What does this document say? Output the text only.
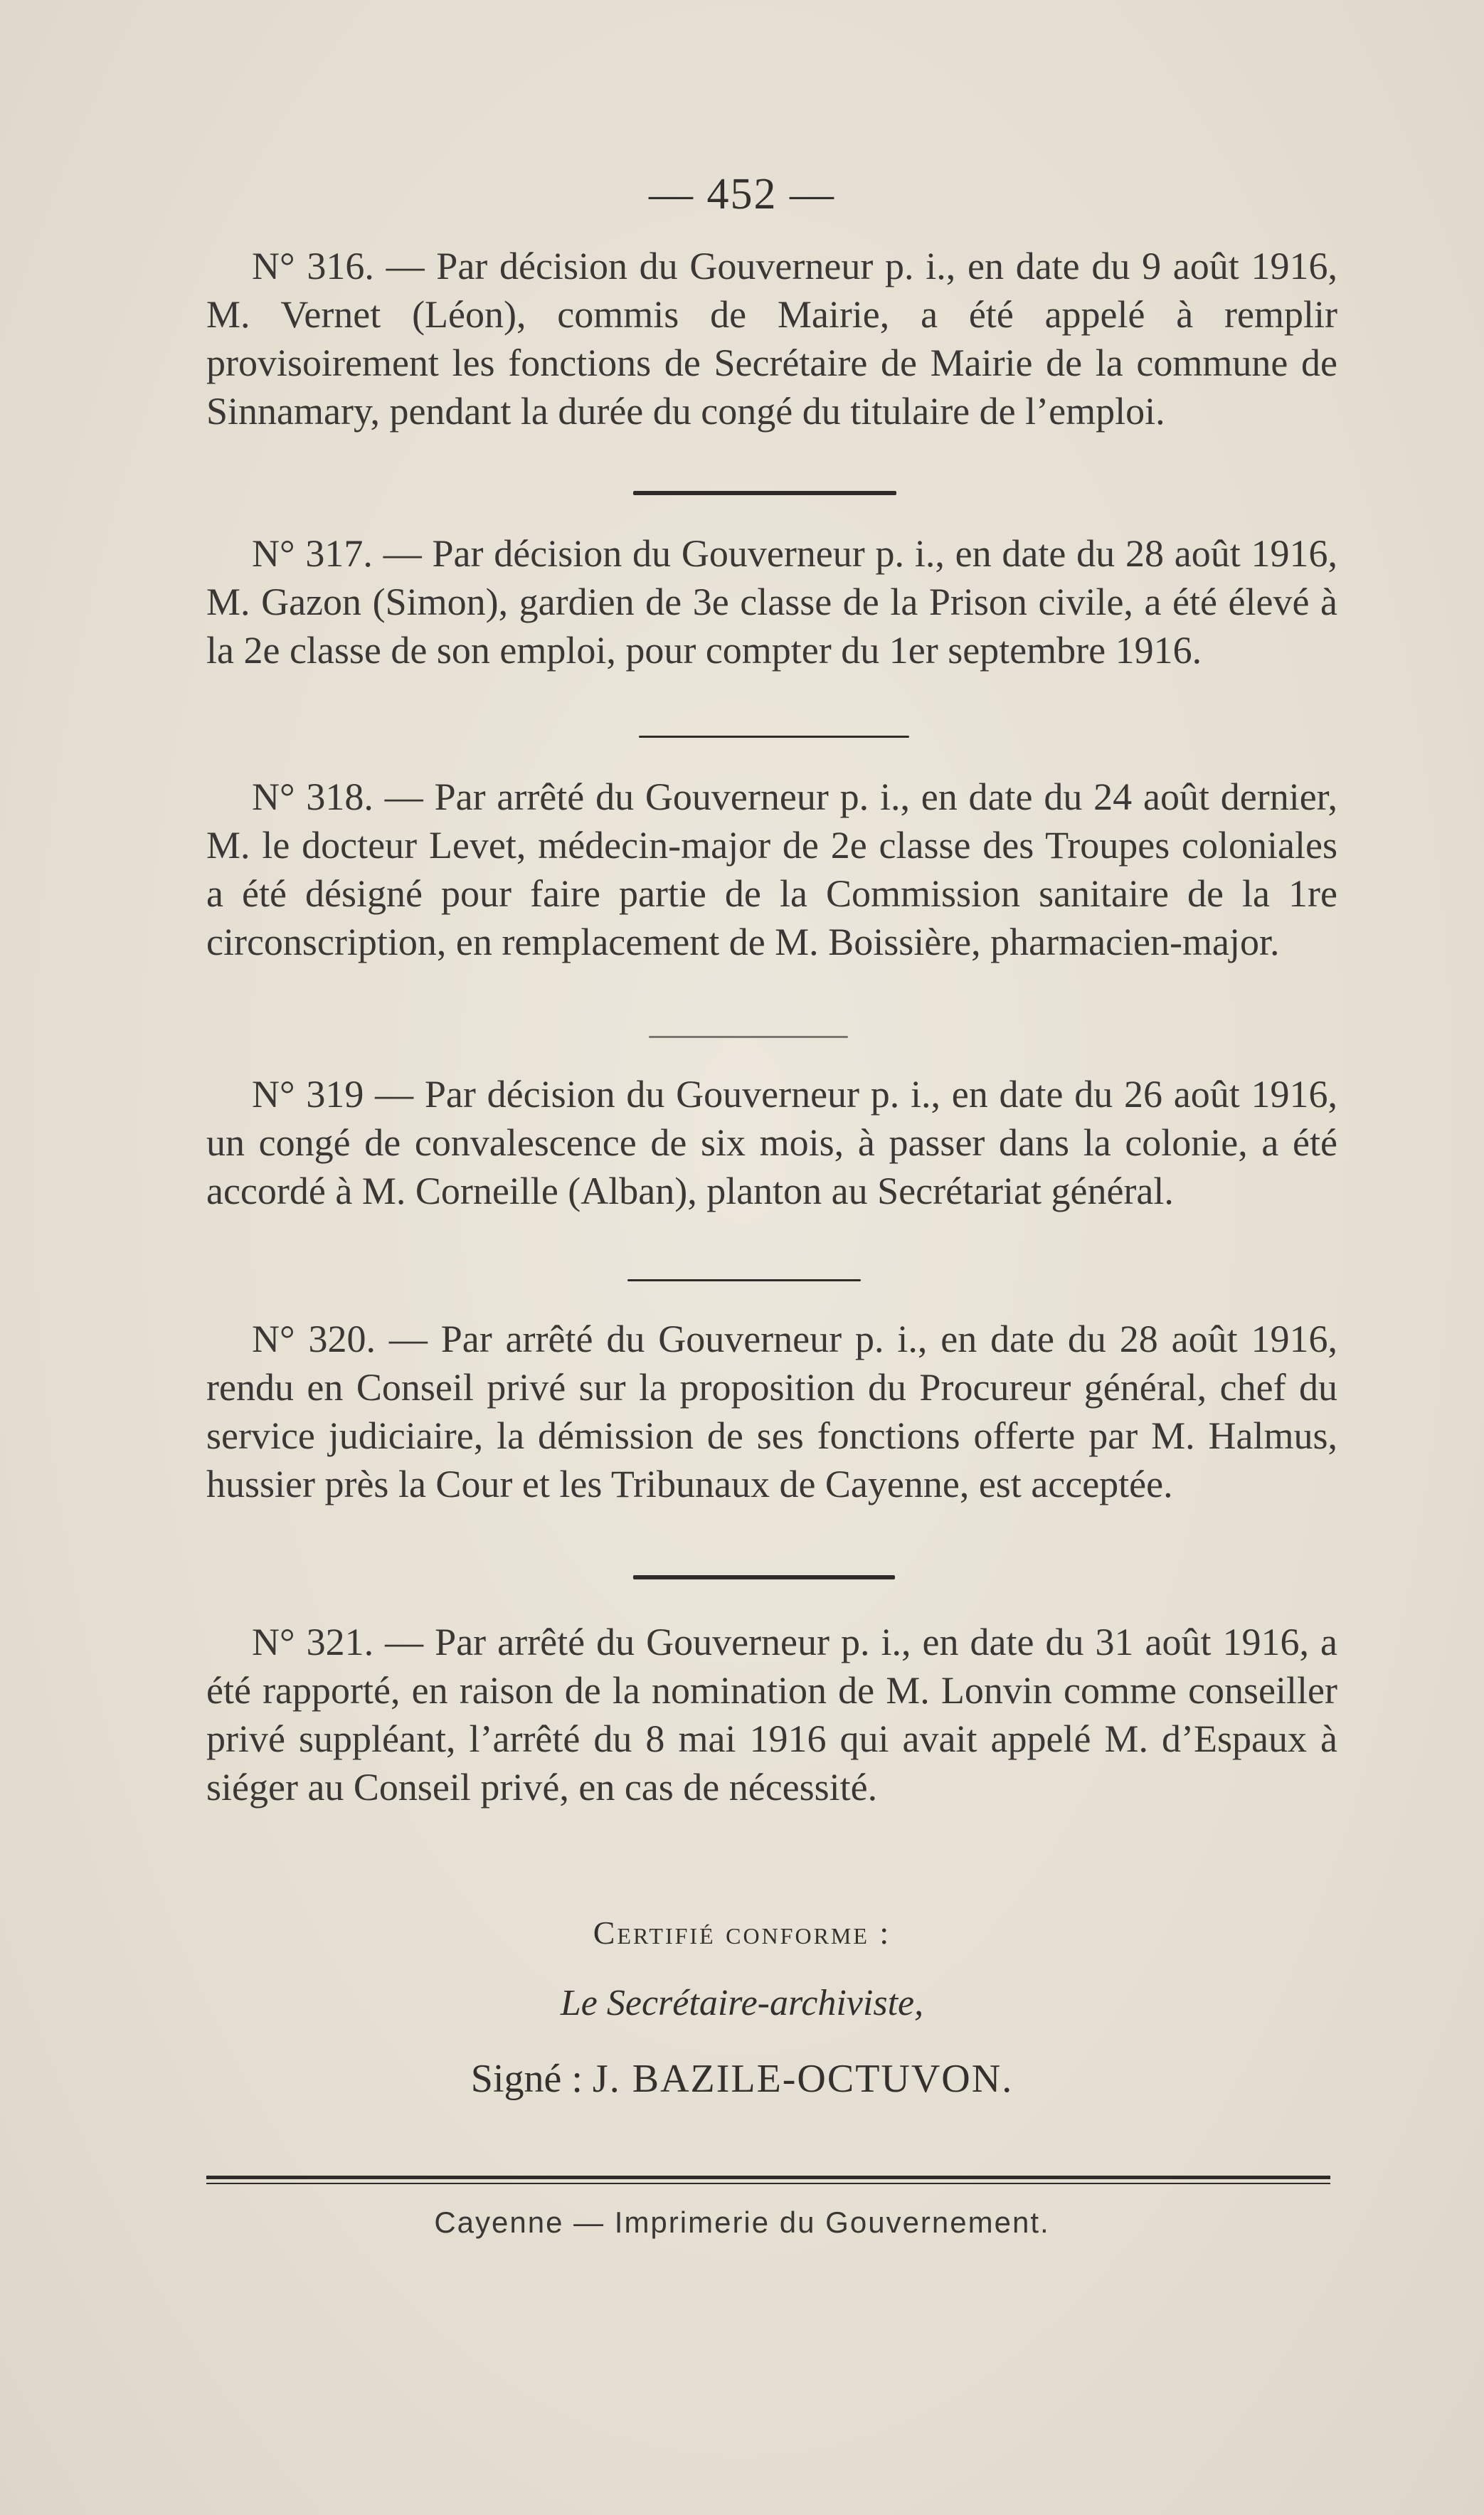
— 452 —

N° 316. — Par décision du Gouverneur p. i., en date du 9 août 1916, M. Vernet (Léon), commis de Mairie, a été appelé à remplir provisoirement les fonctions de Secrétaire de Mairie de la commune de Sinnamary, pendant la durée du congé du titulaire de l’emploi.

N° 317. — Par décision du Gouverneur p. i., en date du 28 août 1916, M. Gazon (Simon), gardien de 3e classe de la Prison civile, a été élevé à la 2e classe de son emploi, pour compter du 1er septembre 1916.

N° 318. — Par arrêté du Gouverneur p. i., en date du 24 août dernier, M. le docteur Levet, médecin-major de 2e classe des Troupes coloniales a été désigné pour faire partie de la Commission sanitaire de la 1re circonscription, en remplacement de M. Boissière, pharmacien-major.

N° 319 — Par décision du Gouverneur p. i., en date du 26 août 1916, un congé de convalescence de six mois, à passer dans la colonie, a été accordé à M. Corneille (Alban), planton au Secrétariat général.

N° 320. — Par arrêté du Gouverneur p. i., en date du 28 août 1916, rendu en Conseil privé sur la proposition du Procureur général, chef du service judiciaire, la démission de ses fonctions offerte par M. Halmus, hussier près la Cour et les Tribunaux de Cayenne, est acceptée.

N° 321. — Par arrêté du Gouverneur p. i., en date du 31 août 1916, a été rapporté, en raison de la nomination de M. Lonvin comme conseiller privé suppléant, l’arrêté du 8 mai 1916 qui avait appelé M. d’Espaux à siéger au Conseil privé, en cas de nécessité.

Certifié conforme :
Le Secrétaire-archiviste,
Signé : J. BAZILE-OCTUVON.
Cayenne — Imprimerie du Gouvernement.
